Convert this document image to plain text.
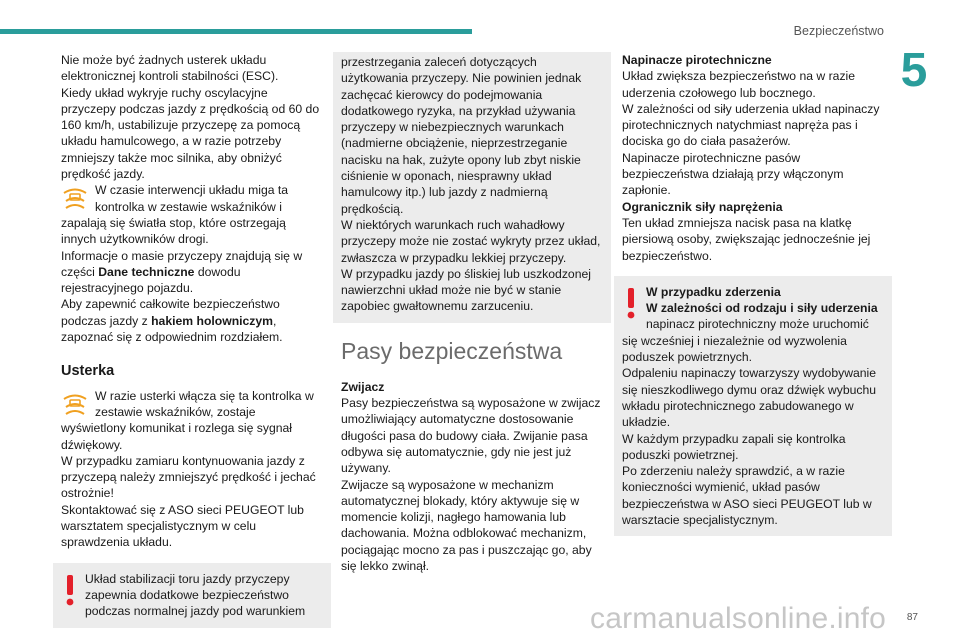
Bezpieczeństwo
5

Nie może być żadnych usterek układu elektronicznej kontroli stabilności (ESC).

Kiedy układ wykryje ruchy oscylacyjne przyczepy podczas jazdy z prędkością od 60 do 160 km/h, ustabilizuje przyczepę za pomocą układu hamulcowego, a w razie potrzeby zmniejszy także moc silnika, aby obniżyć prędkość jazdy.

W czasie interwencji układu miga ta kontrolka w zestawie wskaźników i zapalają się światła stop, które ostrzegają innych użytkowników drogi.

Informacje o masie przyczepy znajdują się w części Dane techniczne dowodu rejestracyjnego pojazdu.

Aby zapewnić całkowite bezpieczeństwo podczas jazdy z hakiem holowniczym, zapoznać się z odpowiednim rozdziałem.

Usterka

W razie usterki włącza się ta kontrolka w zestawie wskaźników, zostaje wyświetlony komunikat i rozlega się sygnał dźwiękowy.

W przypadku zamiaru kontynuowania jazdy z przyczepą należy zmniejszyć prędkość i jechać ostrożnie!

Skontaktować się z ASO sieci PEUGEOT lub warsztatem specjalistycznym w celu sprawdzenia układu.

Układ stabilizacji toru jazdy przyczepy zapewnia dodatkowe bezpieczeństwo podczas normalnej jazdy pod warunkiem

przestrzegania zaleceń dotyczących użytkowania przyczepy. Nie powinien jednak zachęcać kierowcy do podejmowania dodatkowego ryzyka, na przykład używania przyczepy w niebezpiecznych warunkach (nadmierne obciążenie, nieprzestrzeganie nacisku na hak, zużyte opony lub zbyt niskie ciśnienie w oponach, niesprawny układ hamulcowy itp.) lub jazdy z nadmierną prędkością.

W niektórych warunkach ruch wahadłowy przyczepy może nie zostać wykryty przez układ, zwłaszcza w przypadku lekkiej przyczepy.

W przypadku jazdy po śliskiej lub uszkodzonej nawierzchni układ może nie być w stanie zapobiec gwałtownemu zarzuceniu.

Pasy bezpieczeństwa

Zwijacz

Pasy bezpieczeństwa są wyposażone w zwijacz umożliwiający automatyczne dostosowanie długości pasa do budowy ciała. Zwijanie pasa odbywa się automatycznie, gdy nie jest już używany.

Zwijacze są wyposażone w mechanizm automatycznej blokady, który aktywuje się w momencie kolizji, nagłego hamowania lub dachowania. Można odblokować mechanizm, pociągając mocno za pas i puszczając go, aby się lekko zwinął.

Napinacze pirotechniczne

Układ zwiększa bezpieczeństwo na w razie uderzenia czołowego lub bocznego.

W zależności od siły uderzenia układ napinaczy pirotechnicznych natychmiast napręża pas i dociska go do ciała pasażerów.

Napinacze pirotechniczne pasów bezpieczeństwa działają przy włączonym zapłonie.

Ogranicznik siły naprężenia

Ten układ zmniejsza nacisk pasa na klatkę piersiową osoby, zwiększając jednocześnie jej bezpieczeństwo.

W przypadku zderzenia

W zależności od rodzaju i siły uderzenia napinacz pirotechniczny może uruchomić się wcześniej i niezależnie od wyzwolenia poduszek powietrznych.

Odpaleniu napinaczy towarzyszy wydobywanie się nieszkodliwego dymu oraz dźwięk wybuchu wkładu pirotechnicznego zabudowanego w układzie.

W każdym przypadku zapali się kontrolka poduszki powietrznej.

Po zderzeniu należy sprawdzić, a w razie konieczności wymienić, układ pasów bezpieczeństwa w ASO sieci PEUGEOT lub w warsztacie specjalistycznym.

carmanualsonline.info 87
